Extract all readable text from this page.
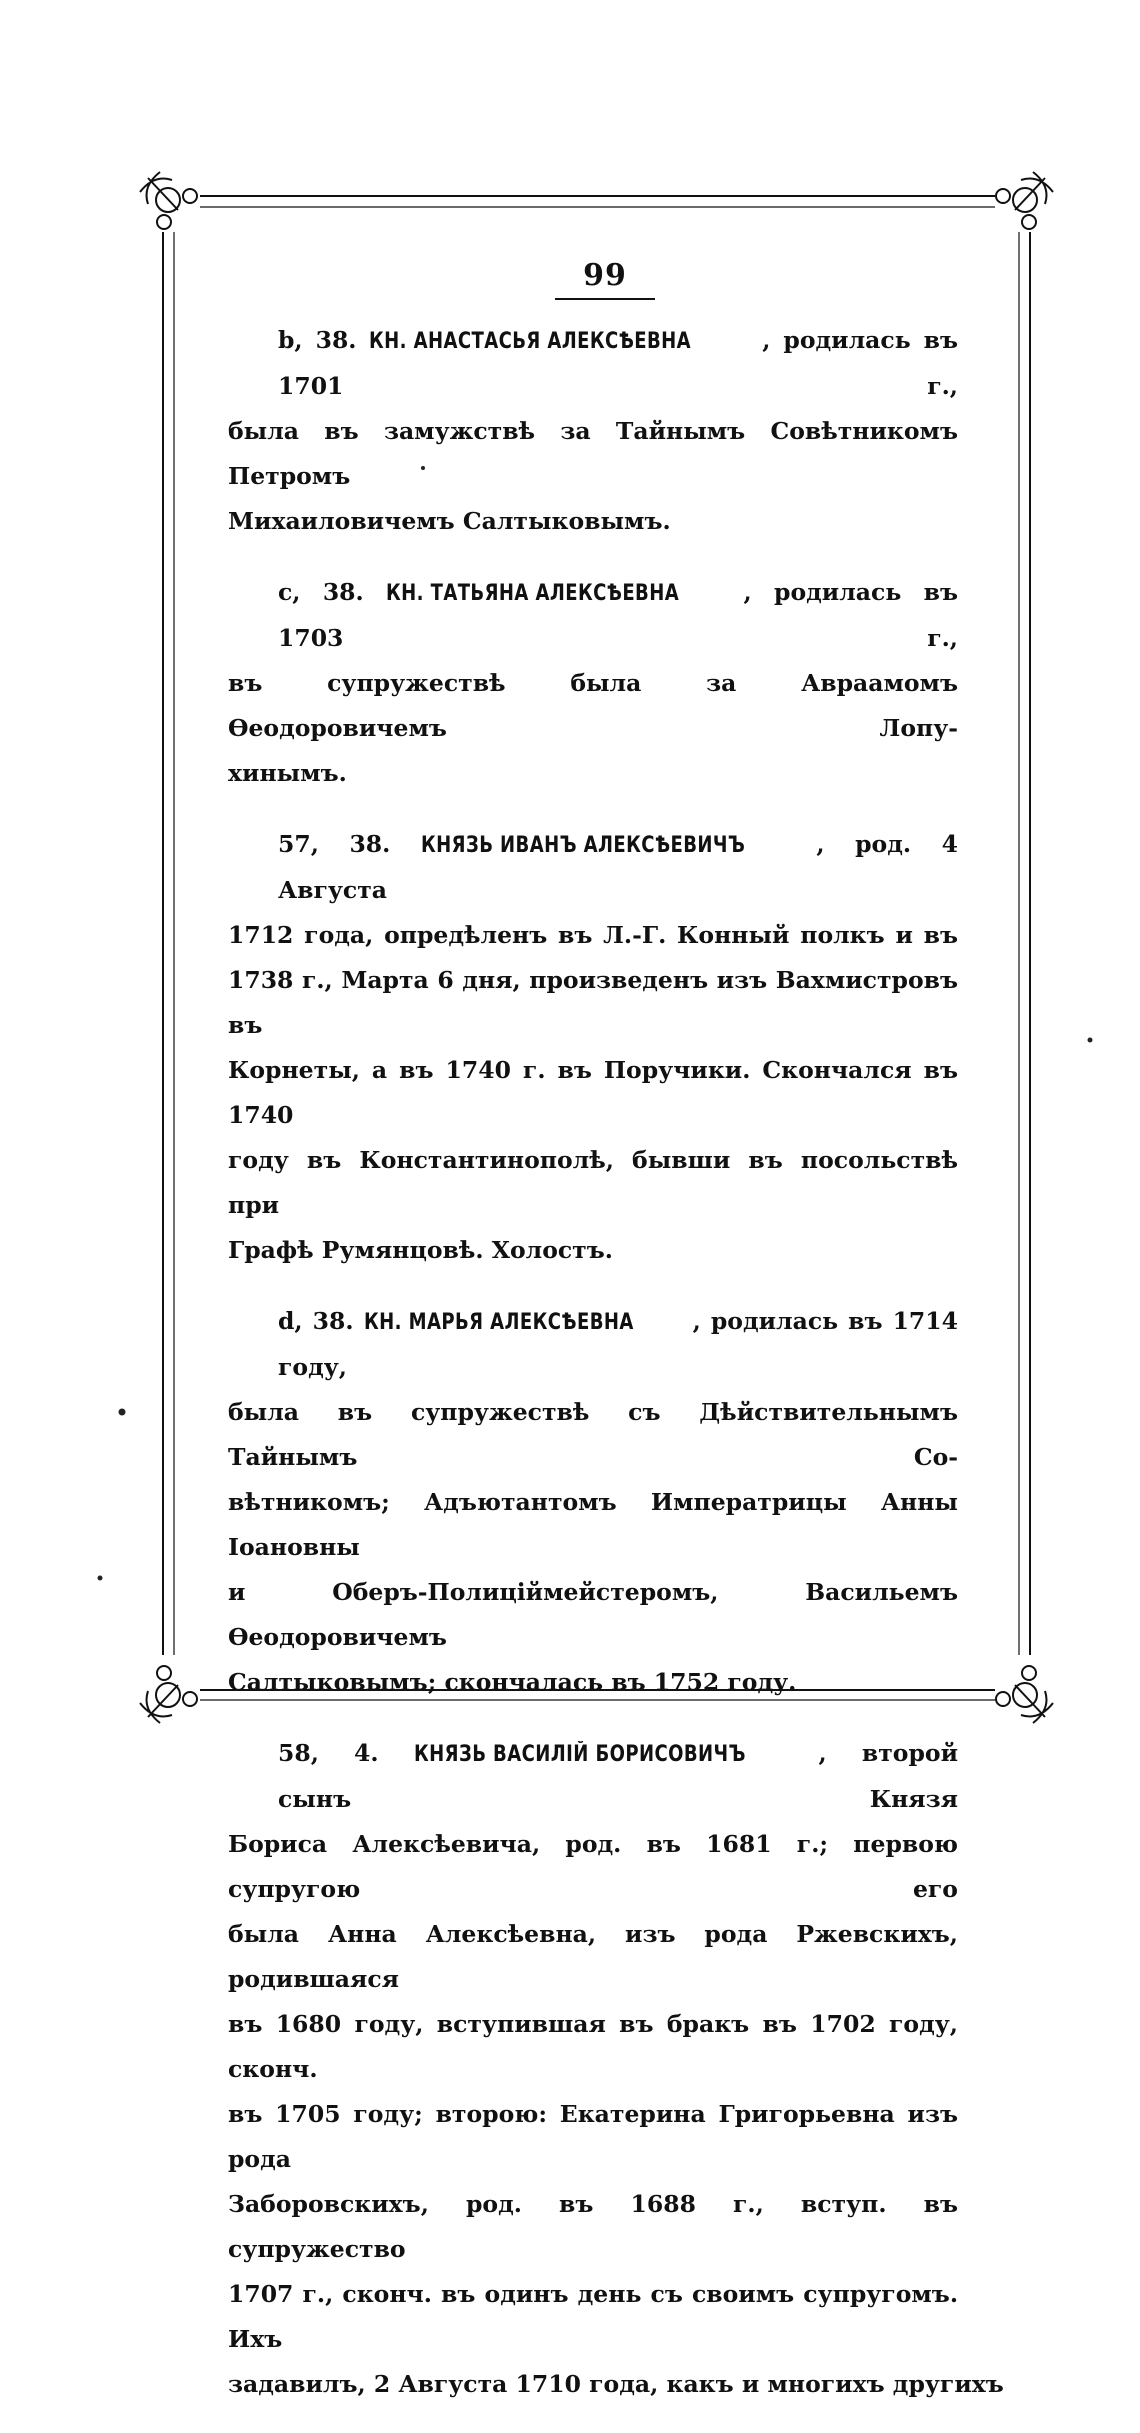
99
b, 38. КН. АНАСТАСЬЯ АЛЕКСѢЕВНА	, родилась въ 1701 г.,
была въ замужствѣ за Тайнымъ Совѣтникомъ Петромъ
Михаиловичемъ Салтыковымъ.
c, 38. КН. ТАТЬЯНА АЛЕКСѢЕВНА	, родилась въ 1703 г.,
въ супружествѣ была за Авраамомъ Ѳеодоровичемъ Лопу-
хинымъ.
57, 38. КНЯЗЬ ИВАНЪ АЛЕКСѢЕВИЧЪ	, род. 4 Августа
1712 года, опредѣленъ въ Л.-Г. Конный полкъ и въ
1738 г., Марта 6 дня, произведенъ изъ Вахмистровъ въ
Корнеты, а въ 1740 г. въ Поручики. Скончался въ 1740
году въ Константинополѣ, бывши въ посольствѣ при
Графѣ Румянцовѣ. Холостъ.
d, 38. КН. МАРЬЯ АЛЕКСѢЕВНА	, родилась въ 1714 году,
была въ супружествѣ съ Дѣйствительнымъ Тайнымъ Со-
вѣтникомъ; Адъютантомъ Императрицы Анны Іоановны
и Оберъ-Полиціймейстеромъ, Васильемъ Ѳеодоровичемъ
Салтыковымъ; скончалась въ 1752 году.
58, 4. КНЯЗЬ ВАСИЛІЙ БОРИСОВИЧЪ	, второй сынъ Князя
Бориса Алексѣевича, род. въ 1681 г.; первою супругою его
была Анна Алексѣевна, изъ рода Ржевскихъ, родившаяся
въ 1680 году, вступившая въ бракъ въ 1702 году, сконч.
въ 1705 году; второю: Екатерина Григорьевна изъ рода
Заборовскихъ, род. въ 1688 г., вступ. въ супружество
1707 г., сконч. въ одинъ день съ своимъ супругомъ. Ихъ
задавилъ, 2 Августа 1710 года, какъ и многихъ другихъ
